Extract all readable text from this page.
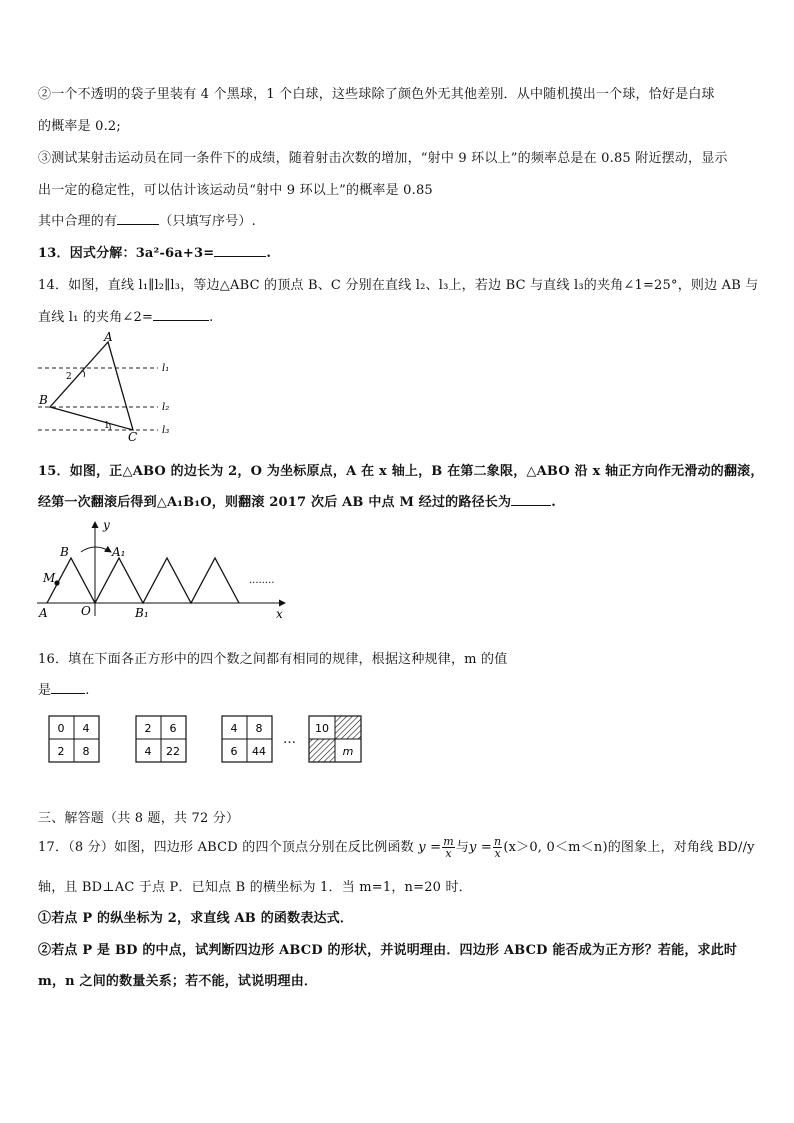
②一个不透明的袋子里装有 4 个黑球，1 个白球，这些球除了颜色外无其他差别．从中随机摸出一个球，恰好是白球
的概率是 0.2;
③测试某射击运动员在同一条件下的成绩，随着射击次数的增加，“射中 9 环以上”的频率总是在 0.85 附近摆动，显示
出一定的稳定性，可以估计该运动员“射中 9 环以上”的概率是 0.85
其中合理的有	（只填写序号）.
13．因式分解：3a²-6a+3=	.
14．如图，直线 l₁∥l₂∥l₃，等边△ABC 的顶点 B、C 分别在直线 l₂、l₃上，若边 BC 与直线 l₃的夹角∠1=25°，则边 AB 与
直线 l₁ 的夹角∠2=	.
A
B
C
l₁
l₂
l₃
2
1
15．如图，正△ABO 的边长为 2，O 为坐标原点，A 在 x 轴上，B 在第二象限，△ABO 沿 x 轴正方向作无滑动的翻滚，
经第一次翻滚后得到△A₁B₁O，则翻滚 2017 次后 AB 中点 M 经过的路径长为	.
........
y
x
B	A₁
M
A	O	B₁
16．填在下面各正方形中的四个数之间都有相同的规律，根据这种规律，m 的值
是	.
0 4
2 8
2 6
4 22
4 8
6 44
…
10
m
三、解答题（共 8 题，共 72 分）
17．（8 分）如图，四边形 ABCD 的四个顶点分别在反比例函数 $y = \frac{m}{x}$ 与$y = \frac{n}{x} (x>0$, 0＜m＜n)的图象上，对角线 BD//y
轴，且 BD⊥AC 于点 P．已知点 B 的横坐标为 1．当 m=1，n=20 时．
①若点 P 的纵坐标为 2，求直线 AB 的函数表达式．
②若点 P 是 BD 的中点，试判断四边形 ABCD 的形状，并说明理由．四边形 ABCD 能否成为正方形？若能，求此时
m，n 之间的数量关系；若不能，试说明理由．
